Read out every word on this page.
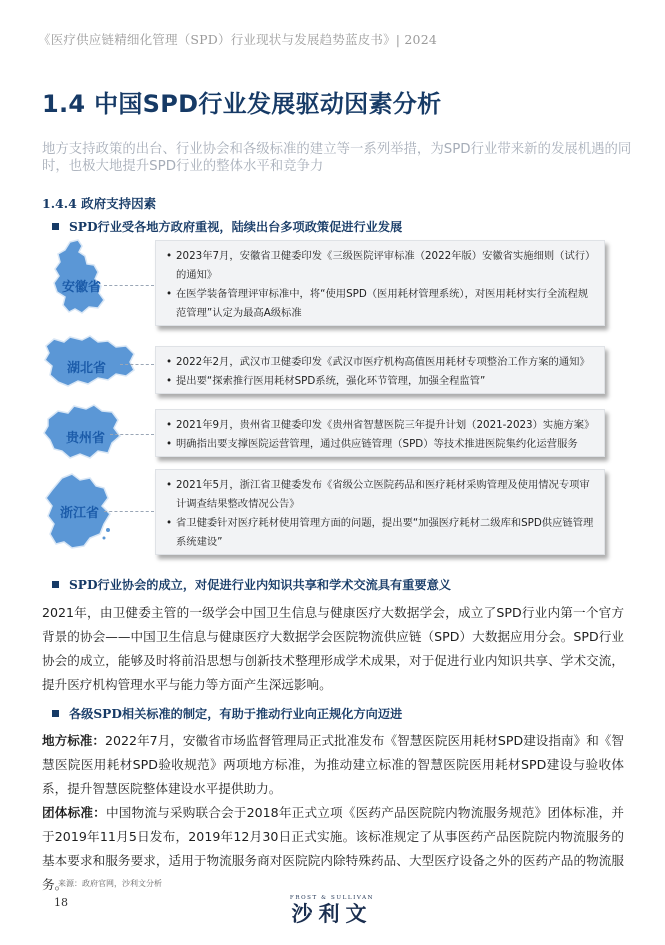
《医疗供应链精细化管理（SPD）行业现状与发展趋势蓝皮书》| 2024
1.4 中国SPD行业发展驱动因素分析
地方支持政策的出台、行业协会和各级标准的建立等一系列举措，为SPD行业带来新的发展机遇的同时，也极大地提升SPD行业的整体水平和竞争力
1.4.4 政府支持因素
SPD行业受各地方政府重视，陆续出台多项政策促进行业发展
安徽省
• 2023年7月，安徽省卫健委印发《三级医院评审标准（2022年版）安徽省实施细则（试行）的通知》
• 在医学装备管理评审标准中，将“使用SPD（医用耗材管理系统），对医用耗材实行全流程规范管理”认定为最高A级标准
湖北省
•	2022年2月，武汉市卫健委印发《武汉市医疗机构高值医用耗材专项整治工作方案的通知》
• 提出要“探索推行医用耗材SPD系统，强化环节管理，加强全程监管”
贵州省
• 2021年9月，贵州省卫健委印发《贵州省智慧医院三年提升计划（2021-2023）实施方案》
• 明确指出要支撑医院运营管理，通过供应链管理（SPD）等技术推进医院集约化运营服务
浙江省
• 2021年5月，浙江省卫健委发布《省级公立医院药品和医疗耗材采购管理及使用情况专项审计调查结果整改情况公告》
• 省卫健委针对医疗耗材使用管理方面的问题，提出要“加强医疗耗材二级库和SPD供应链管理系统建设”
SPD行业协会的成立，对促进行业内知识共享和学术交流具有重要意义
2021年，由卫健委主管的一级学会中国卫生信息与健康医疗大数据学会，成立了SPD行业内第一个官方背景的协会——中国卫生信息与健康医疗大数据学会医院物流供应链（SPD）大数据应用分会。SPD行业协会的成立，能够及时将前沿思想与创新技术整理形成学术成果，对于促进行业内知识共享、学术交流，提升医疗机构管理水平与能力等方面产生深远影响。
各级SPD相关标准的制定，有助于推动行业向正规化方向迈进
地方标准：2022年7月，安徽省市场监督管理局正式批准发布《智慧医院医用耗材SPD建设指南》和《智慧医院医用耗材SPD验收规范》两项地方标准，为推动建立标准的智慧医院医用耗材SPD建设与验收体系，提升智慧医院整体建设水平提供助力。
团体标准：中国物流与采购联合会于2018年正式立项《医药产品医院院内物流服务规范》团体标准，并于2019年11月5日发布，2019年12月30日正式实施。该标准规定了从事医药产品医院院内物流服务的基本要求和服务要求，适用于物流服务商对医院院内除特殊药品、大型医疗设备之外的医药产品的物流服务。
来源：政府官网，沙利文分析
18	FROST & SULLIVAN
沙利文
